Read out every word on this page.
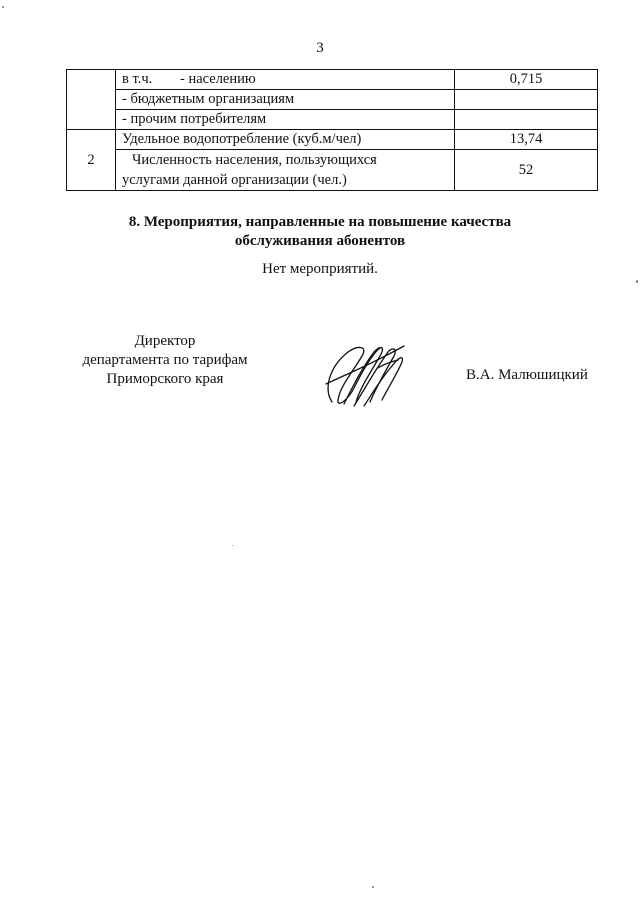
3
	в т.ч. - населению	0,715
	- бюджетным организациям	
	- прочим потребителям	
2	Удельное водопотребление (куб.м/чел)	13,74

	Численность населения, пользующихся
услугами данной организации (чел.)	52
8. Мероприятия, направленные на повышение качества
обслуживания абонентов
Нет мероприятий.
Директор
департамента по тарифам
Приморского края	В.А. Малюшицкий
